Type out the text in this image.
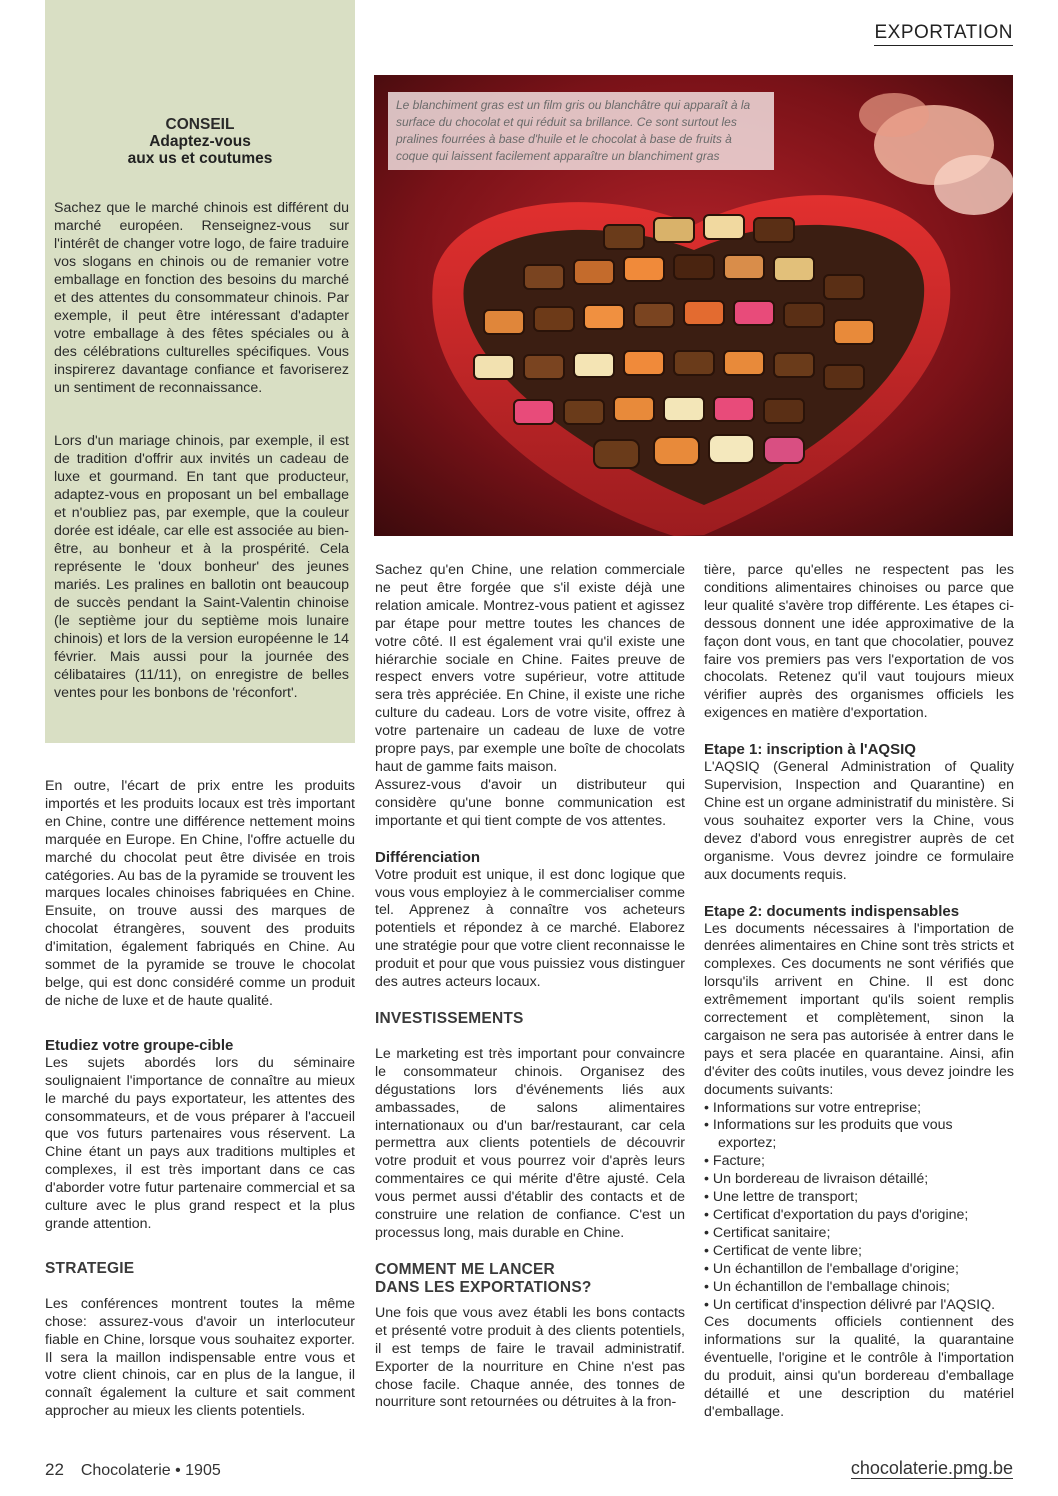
EXPORTATION
CONSEIL
Adaptez-vous
aux us et coutumes
Sachez que le marché chinois est différent du marché européen. Renseignez-vous sur l'intérêt de changer votre logo, de faire traduire vos slogans en chinois ou de remanier votre emballage en fonction des besoins du marché et des attentes du consommateur chinois. Par exemple, il peut être intéressant d'adapter votre emballage à des fêtes spéciales ou à des célébrations culturelles spécifiques. Vous inspirerez davantage confiance et favoriserez un sentiment de reconnaissance.
Lors d'un mariage chinois, par exemple, il est de tradition d'offrir aux invités un cadeau de luxe et gourmand. En tant que producteur, adaptez-vous en proposant un bel emballage et n'oubliez pas, par exemple, que la couleur dorée est idéale, car elle est associée au bien-être, au bonheur et à la prospérité. Cela représente le 'doux bonheur' des jeunes mariés. Les pralines en ballotin ont beaucoup de succès pendant la Saint-Valentin chinoise (le septième jour du septième mois lunaire chinois) et lors de la version européenne le 14 février. Mais aussi pour la journée des célibataires (11/11), on enregistre de belles ventes pour les bonbons de 'réconfort'.
Le blanchiment gras est un film gris ou blanchâtre qui apparaît à la surface du chocolat et qui réduit sa brillance. Ce sont surtout les pralines fourrées à base d'huile et le chocolat à base de fruits à coque qui laissent facilement apparaître un blanchiment gras

En outre, l'écart de prix entre les produits importés et les produits locaux est très important en Chine, contre une différence nettement moins marquée en Europe. En Chine, l'offre actuelle du marché du chocolat peut être divisée en trois catégories. Au bas de la pyramide se trouvent les marques locales chinoises fabriquées en Chine. Ensuite, on trouve aussi des marques de chocolat étrangères, souvent des produits d'imitation, également fabriqués en Chine. Au sommet de la pyramide se trouve le chocolat belge, qui est donc considéré comme un produit de niche de luxe et de haute qualité.

Etudiez votre groupe-cible

Les sujets abordés lors du séminaire soulignaient l'importance de connaître au mieux le marché du pays exportateur, les attentes des consommateurs, et de vous préparer à l'accueil que vos futurs partenaires vous réservent. La Chine étant un pays aux traditions multiples et complexes, il est très important dans ce cas d'aborder votre futur partenaire commercial et sa culture avec le plus grand respect et la plus grande attention.

STRATEGIE

Les conférences montrent toutes la même chose: assurez-vous d'avoir un interlocuteur fiable en Chine, lorsque vous souhaitez exporter. Il sera la maillon indispensable entre vous et votre client chinois, car en plus de la langue, il connaît également la culture et sait comment approcher au mieux les clients potentiels.

Sachez qu'en Chine, une relation commerciale ne peut être forgée que s'il existe déjà une relation amicale. Montrez-vous patient et agissez par étape pour mettre toutes les chances de votre côté. Il est également vrai qu'il existe une hiérarchie sociale en Chine. Faites preuve de respect envers votre supérieur, votre attitude sera très appréciée. En Chine, il existe une riche culture du cadeau. Lors de votre visite, offrez à votre partenaire un cadeau de luxe de votre propre pays, par exemple une boîte de chocolats haut de gamme faits maison.

Assurez-vous d'avoir un distributeur qui considère qu'une bonne communication est importante et qui tient compte de vos attentes.

Différenciation

Votre produit est unique, il est donc logique que vous vous employiez à le commercialiser comme tel. Apprenez à connaître vos acheteurs potentiels et répondez à ce marché. Elaborez une stratégie pour que votre client reconnaisse le produit et pour que vous puissiez vous distinguer des autres acteurs locaux.

INVESTISSEMENTS

Le marketing est très important pour convaincre le consommateur chinois. Organisez des dégustations lors d'événements liés aux ambassades, de salons alimentaires internationaux ou d'un bar/restaurant, car cela permettra aux clients potentiels de découvrir votre produit et vous pourrez voir d'après leurs commentaires ce qui mérite d'être ajusté. Cela vous permet aussi d'établir des contacts et de construire une relation de confiance. C'est un processus long, mais durable en Chine.

COMMENT ME LANCER
DANS LES EXPORTATIONS?

Une fois que vous avez établi les bons contacts et présenté votre produit à des clients potentiels, il est temps de faire le travail administratif. Exporter de la nourriture en Chine n'est pas chose facile. Chaque année, des tonnes de nourriture sont retournées ou détruites à la fron-

tière, parce qu'elles ne respectent pas les conditions alimentaires chinoises ou parce que leur qualité s'avère trop différente. Les étapes ci-dessous donnent une idée approximative de la façon dont vous, en tant que chocolatier, pouvez faire vos premiers pas vers l'exportation de vos chocolats. Retenez qu'il vaut toujours mieux vérifier auprès des organismes officiels les exigences en matière d'exportation.

Etape 1: inscription à l'AQSIQ

L'AQSIQ (General Administration of Quality Supervision, Inspection and Quarantine) en Chine est un organe administratif du ministère. Si vous souhaitez exporter vers la Chine, vous devez d'abord vous enregistrer auprès de cet organisme. Vous devrez joindre ce formulaire aux documents requis.

Etape 2: documents indispensables

Les documents nécessaires à l'importation de denrées alimentaires en Chine sont très stricts et complexes. Ces documents ne sont vérifiés que lorsqu'ils arrivent en Chine. Il est donc extrêmement important qu'ils soient remplis correctement et complètement, sinon la cargaison ne sera pas autorisée à entrer dans le pays et sera placée en quarantaine. Ainsi, afin d'éviter des coûts inutiles, vous devez joindre les documents suivants:

• Informations sur votre entreprise;
• Informations sur les produits que vous exportez;
• Facture;
• Un bordereau de livraison détaillé;
• Une lettre de transport;
• Certificat d'exportation du pays d'origine;
• Certificat sanitaire;
• Certificat de vente libre;
• Un échantillon de l'emballage d'origine;
• Un échantillon de l'emballage chinois;
• Un certificat d'inspection délivré par l'AQSIQ.

Ces documents officiels contiennent des informations sur la qualité, la quarantaine éventuelle, l'origine et le contrôle à l'importation du produit, ainsi qu'un bordereau d'emballage détaillé et une description du matériel d'emballage.

22 Chocolaterie • 1905	chocolaterie.pmg.be
